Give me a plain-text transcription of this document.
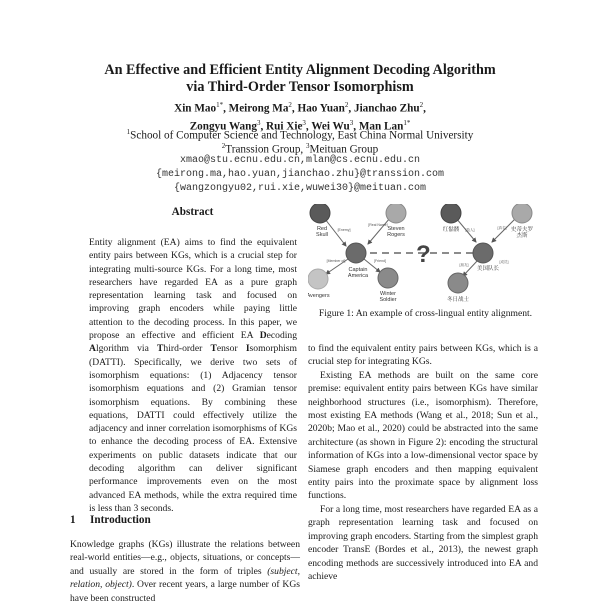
An Effective and Efficient Entity Alignment Decoding Algorithm
via Third-Order Tensor Isomorphism
Xin Mao$^{1*}$, Meirong Ma$^2$, Hao Yuan$^2$, Jianchao Zhu$^2$,
Zongyu Wang$^3$, Rui Xie$^3$, Wei Wu$^3$, Man Lan$^{1*}$
$^1$School of Computer Science and Technology, East China Normal University
$^2$Transsion Group, $^3$Meituan Group
xmao@stu.ecnu.edu.cn,mlan@cs.ecnu.edu.cn
{meirong.ma,hao.yuan,jianchao.zhu}@transsion.com
{wangzongyu02,rui.xie,wuwei30}@meituan.com
Abstract

Entity alignment (EA) aims to find the equivalent entity pairs between KGs, which is a crucial step for integrating multi-source KGs. For a long time, most researchers have regarded EA as a pure graph representation learning task and focused on improving graph encoders while paying little attention to the decoding process. In this paper, we propose an effective and efficient EA Decoding Algorithm via Third-order Tensor Isomorphism (DATTI). Specifically, we derive two sets of isomorphism equations: (1) Adjacency tensor isomorphism equations and (2) Gramian tensor isomorphism equations. By combining these equations, DATTI could effectively utilize the adjacency and inner correlation isomorphisms of KGs to enhance the decoding process of EA. Extensive experiments on public datasets indicate that our decoding algorithm can deliver significant performance improvements even on the most advanced EA methods, while the extra required time is less than 3 seconds.

1 Introduction

Knowledge graphs (KGs) illustrate the relations between real-world entities—e.g., objects, situations, or concepts—and usually are stored in the form of triples (subject, relation, object). Over recent years, a large number of KGs have been constructed

?
Red
Skull
Steven
Rogers
Captain
America
Avengers	Winter
Soldier
红骷髅	史蒂夫罗
杰斯
美国队长
冬日战士
[Enemy]
[Real Name]
[Member of]	[Friend]
[敌人]	[真名]
[朋友]
[成员]
Figure 1: An example of cross-lingual entity alignment.

to find the equivalent entity pairs between KGs, which is a crucial step for integrating KGs.

Existing EA methods are built on the same core premise: equivalent entity pairs between KGs have similar neighborhood structures (i.e., isomorphism). Therefore, most existing EA methods (Wang et al., 2018; Sun et al., 2020b; Mao et al., 2020) could be abstracted into the same architecture (as shown in Figure 2): encoding the structural information of KGs into a low-dimensional vector space by Siamese graph encoders and then mapping equivalent entity pairs into the proximate space by alignment loss functions.

For a long time, most researchers have regarded EA as a graph representation learning task and focused on improving graph encoders. Starting from the simplest graph encoder TransE (Bordes et al., 2013), the newest graph encoding methods are successively introduced into EA and achieve
